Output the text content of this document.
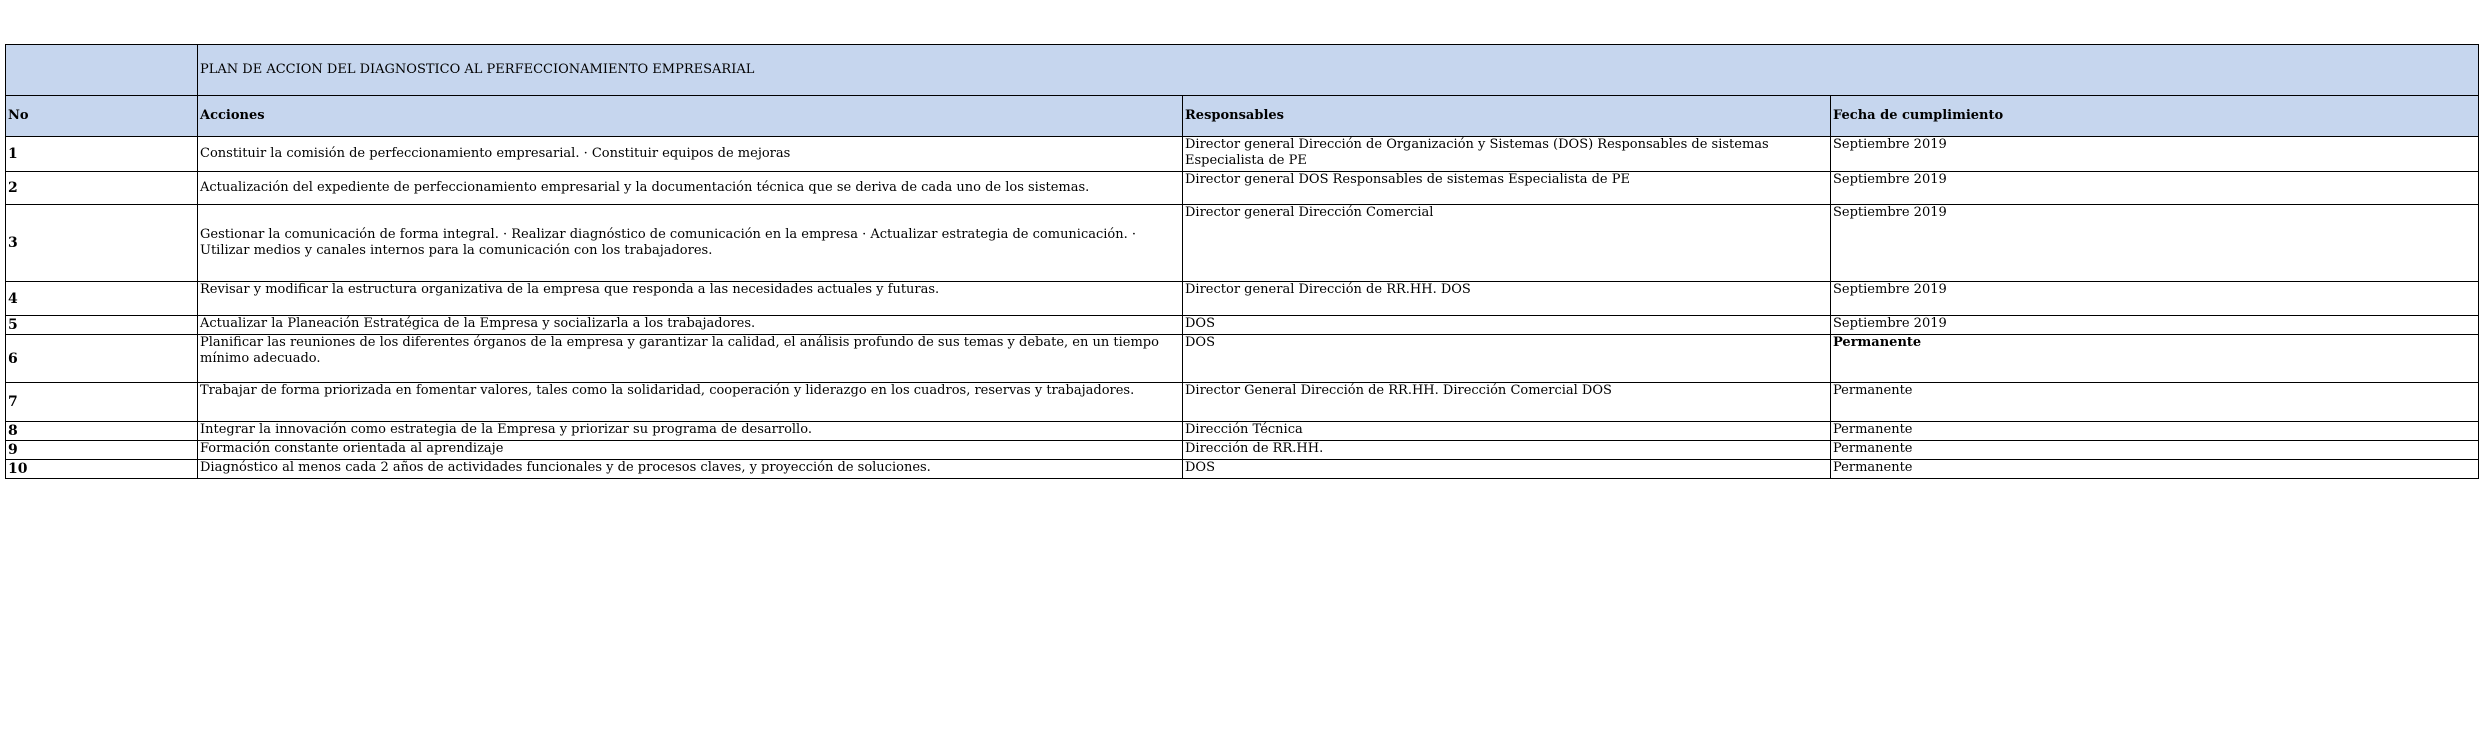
	PLAN DE ACCION DEL DIAGNOSTICO AL PERFECCIONAMIENTO EMPRESARIAL		
No	Acciones	Responsables	Fecha de cumplimiento
1	Constituir la comisión de perfeccionamiento empresarial. · Constituir equipos de mejoras	Director general Dirección de Organización y Sistemas (DOS) Responsables de sistemas Especialista de PE	Septiembre 2019
2	Actualización del expediente de perfeccionamiento empresarial y la documentación técnica que se deriva de cada uno de los sistemas.	Director general DOS Responsables de sistemas Especialista de PE	Septiembre 2019
3	Gestionar la comunicación de forma integral. · Realizar diagnóstico de comunicación en la empresa · Actualizar estrategia de comunicación. · Utilizar medios y canales internos para la comunicación con los trabajadores.	Director general Dirección Comercial	Septiembre 2019
4	Revisar y modificar la estructura organizativa de la empresa que responda a las necesidades actuales y futuras.	Director general Dirección de RR.HH. DOS	Septiembre 2019
5	Actualizar la Planeación Estratégica de la Empresa y socializarla a los trabajadores.	DOS	Septiembre 2019
6	Planificar las reuniones de los diferentes órganos de la empresa y garantizar la calidad, el análisis profundo de sus temas y debate, en un tiempo mínimo adecuado.	DOS	Permanente
7	Trabajar de forma priorizada en fomentar valores, tales como la solidaridad, cooperación y liderazgo en los cuadros, reservas y trabajadores.	Director General Dirección de RR.HH. Dirección Comercial DOS	Permanente
8	Integrar la innovación como estrategia de la Empresa y priorizar su programa de desarrollo.	Dirección Técnica	Permanente
9	Formación constante orientada al aprendizaje	Dirección de RR.HH.	Permanente
10	Diagnóstico al menos cada 2 años de actividades funcionales y de procesos claves, y proyección de soluciones.	DOS	Permanente
